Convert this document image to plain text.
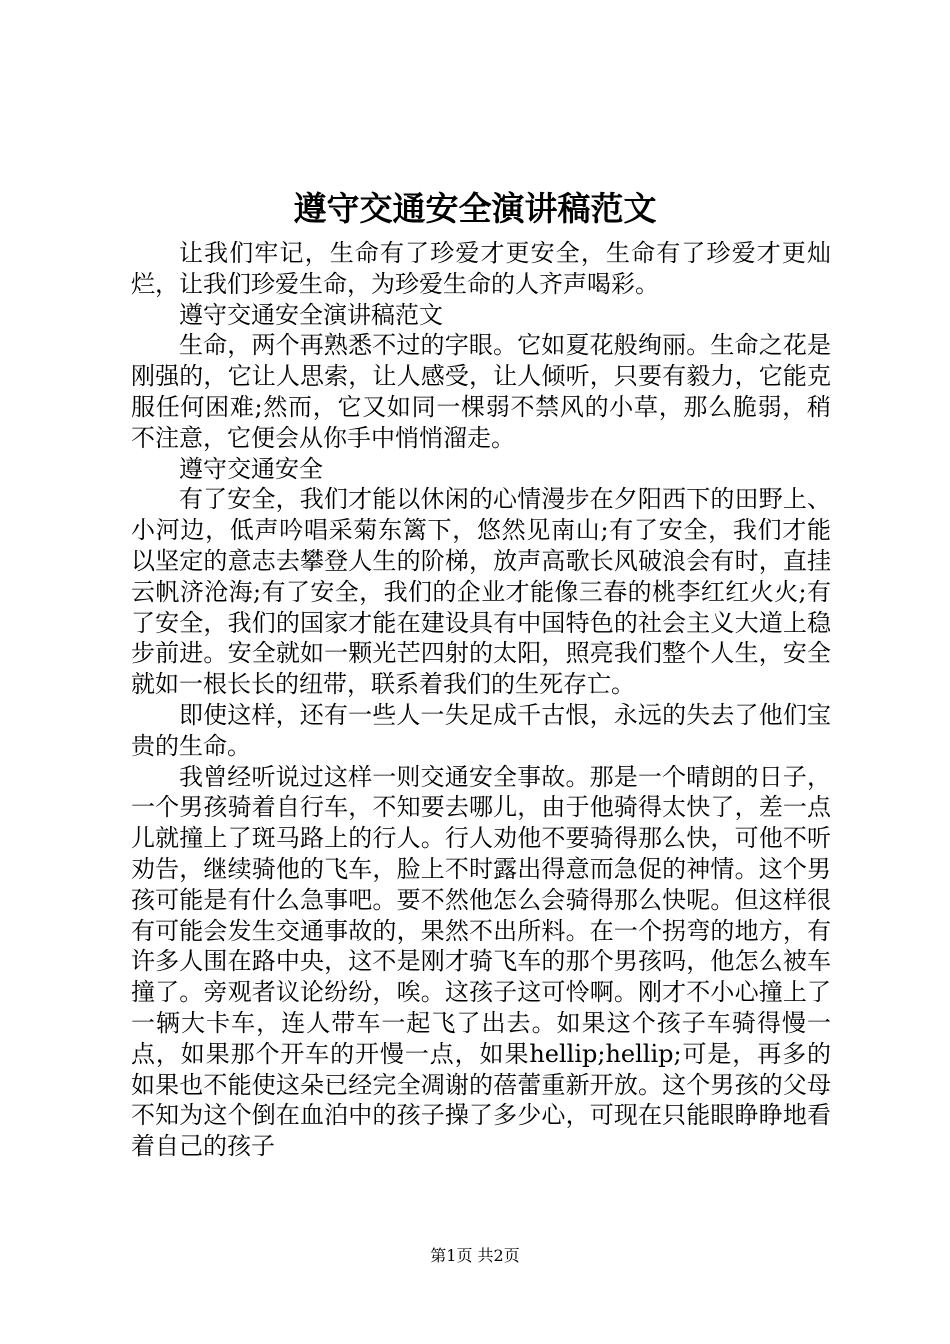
遵守交通安全演讲稿范文

让我们牢记，生命有了珍爱才更安全，生命有了珍爱才更灿烂，让我们珍爱生命，为珍爱生命的人齐声喝彩。

遵守交通安全演讲稿范文

生命，两个再熟悉不过的字眼。它如夏花般绚丽。生命之花是刚强的，它让人思索，让人感受，让人倾听，只要有毅力，它能克服任何困难;然而，它又如同一棵弱不禁风的小草，那么脆弱，稍不注意，它便会从你手中悄悄溜走。

遵守交通安全

有了安全，我们才能以休闲的心情漫步在夕阳西下的田野上、小河边，低声吟唱采菊东篱下，悠然见南山;有了安全，我们才能以坚定的意志去攀登人生的阶梯，放声高歌长风破浪会有时，直挂云帆济沧海;有了安全，我们的企业才能像三春的桃李红红火火;有了安全，我们的国家才能在建设具有中国特色的社会主义大道上稳步前进。安全就如一颗光芒四射的太阳，照亮我们整个人生，安全就如一根长长的纽带，联系着我们的生死存亡。

即使这样，还有一些人一失足成千古恨，永远的失去了他们宝贵的生命。

我曾经听说过这样一则交通安全事故。那是一个晴朗的日子，一个男孩骑着自行车，不知要去哪儿，由于他骑得太快了，差一点儿就撞上了斑马路上的行人。行人劝他不要骑得那么快，可他不听劝告，继续骑他的飞车，脸上不时露出得意而急促的神情。这个男孩可能是有什么急事吧。要不然他怎么会骑得那么快呢。但这样很有可能会发生交通事故的，果然不出所料。在一个拐弯的地方，有许多人围在路中央，这不是刚才骑飞车的那个男孩吗，他怎么被车撞了。旁观者议论纷纷，唉。这孩子这可怜啊。刚才不小心撞上了一辆大卡车，连人带车一起飞了出去。如果这个孩子车骑得慢一点，如果那个开车的开慢一点，如果hellip;hellip;可是，再多的如果也不能使这朵已经完全凋谢的蓓蕾重新开放。这个男孩的父母不知为这个倒在血泊中的孩子操了多少心，可现在只能眼睁睁地看着自己的孩子

第1页 共2页
